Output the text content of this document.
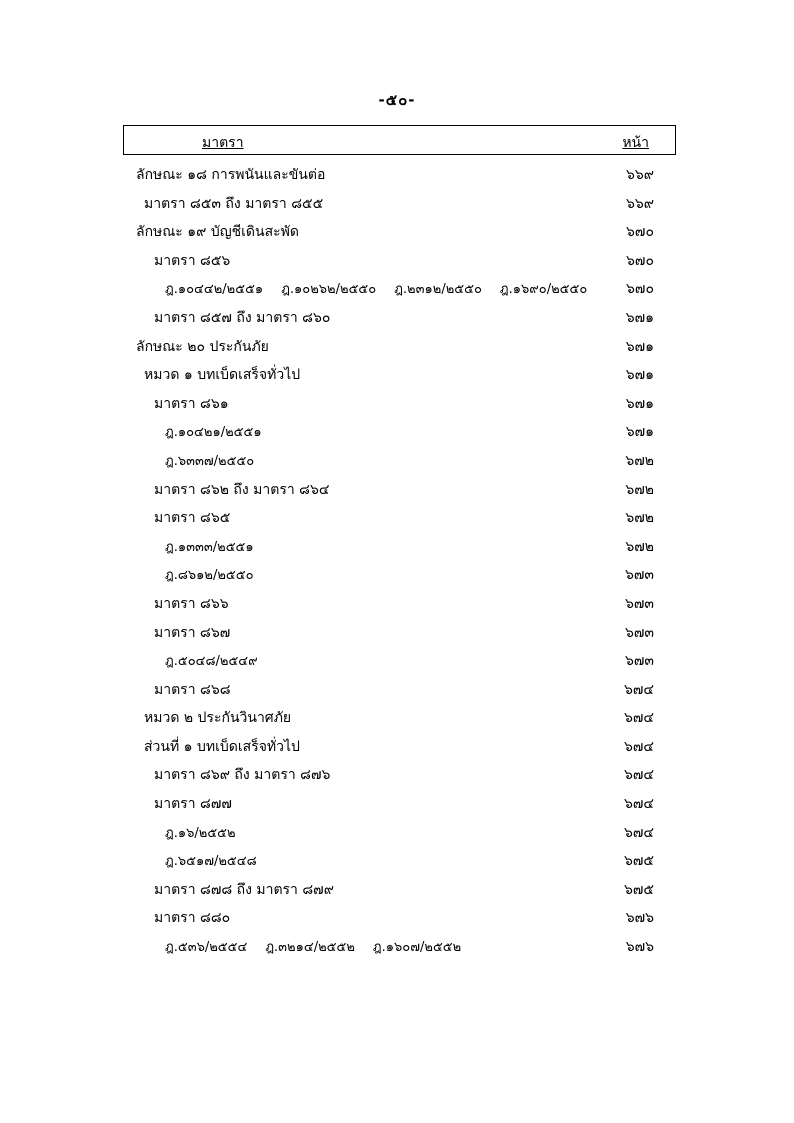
-๕๐-
มาตรา	หน้า
ลักษณะ ๑๘ การพนันและขันต่อ	๖๖๙
มาตรา ๘๕๓ ถึง มาตรา ๘๕๕	๖๖๙
ลักษณะ ๑๙ บัญชีเดินสะพัด	๖๗๐
มาตรา ๘๕๖	๖๗๐
ฎ.๑๐๔๔๒/๒๕๕๑ ฎ.๑๐๒๖๒/๒๕๕๐ ฎ.๒๓๑๒/๒๕๕๐ ฎ.๑๖๙๐/๒๕๕๐	๖๗๐
มาตรา ๘๕๗ ถึง มาตรา ๘๖๐	๖๗๑
ลักษณะ ๒๐ ประกันภัย	๖๗๑
หมวด ๑ บทเบ็ดเสร็จทั่วไป	๖๗๑
มาตรา ๘๖๑	๖๗๑
ฎ.๑๐๔๒๑/๒๕๕๑	๖๗๑
ฎ.๖๓๓๗/๒๕๕๐	๖๗๒
มาตรา ๘๖๒ ถึง มาตรา ๘๖๔	๖๗๒
มาตรา ๘๖๕	๖๗๒
ฎ.๑๓๓๓/๒๕๕๑	๖๗๒
ฎ.๘๖๑๒/๒๕๕๐	๖๗๓
มาตรา ๘๖๖	๖๗๓
มาตรา ๘๖๗	๖๗๓
ฎ.๕๐๔๘/๒๕๔๙	๖๗๓
มาตรา ๘๖๘	๖๗๔
หมวด ๒ ประกันวินาศภัย	๖๗๔
ส่วนที่ ๑ บทเบ็ดเสร็จทั่วไป	๖๗๔
มาตรา ๘๖๙ ถึง มาตรา ๘๗๖	๖๗๔
มาตรา ๘๗๗	๖๗๔
ฎ.๑๖/๒๕๕๒	๖๗๔
ฎ.๖๕๑๗/๒๕๔๘	๖๗๕
มาตรา ๘๗๘ ถึง มาตรา ๘๗๙	๖๗๕
มาตรา ๘๘๐	๖๗๖
ฎ.๕๓๖/๒๕๕๔ ฎ.๓๒๑๔/๒๕๕๒ ฎ.๑๖๐๗/๒๕๕๒	๖๗๖
